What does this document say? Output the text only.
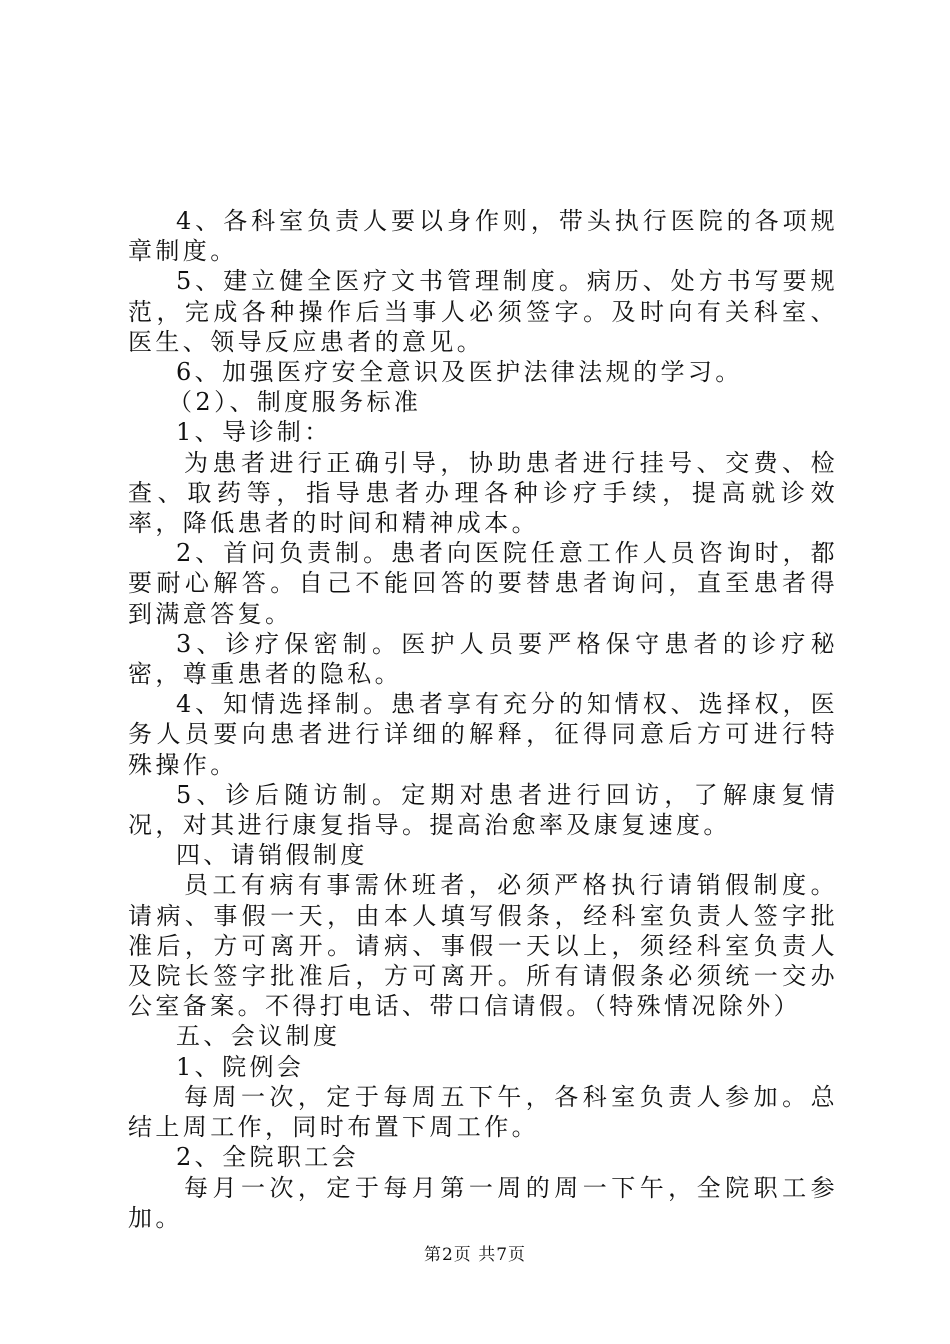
4、各科室负责人要以身作则，带头执行医院的各项规章制度。

5、建立健全医疗文书管理制度。病历、处方书写要规范，完成各种操作后当事人必须签字。及时向有关科室、医生、领导反应患者的意见。

6、加强医疗安全意识及医护法律法规的学习。

（2）、制度服务标准

1、导诊制：

为患者进行正确引导，协助患者进行挂号、交费、检查、取药等，指导患者办理各种诊疗手续，提高就诊效率，降低患者的时间和精神成本。

2、首问负责制。患者向医院任意工作人员咨询时，都要耐心解答。自己不能回答的要替患者询问，直至患者得到满意答复。

3、诊疗保密制。医护人员要严格保守患者的诊疗秘密，尊重患者的隐私。

4、知情选择制。患者享有充分的知情权、选择权，医务人员要向患者进行详细的解释，征得同意后方可进行特殊操作。

5、诊后随访制。定期对患者进行回访，了解康复情况，对其进行康复指导。提高治愈率及康复速度。

四、请销假制度

员工有病有事需休班者，必须严格执行请销假制度。请病、事假一天，由本人填写假条，经科室负责人签字批准后，方可离开。请病、事假一天以上，须经科室负责人及院长签字批准后，方可离开。所有请假条必须统一交办公室备案。不得打电话、带口信请假。（特殊情况除外）

五、会议制度

1、院例会

每周一次，定于每周五下午，各科室负责人参加。总结上周工作，同时布置下周工作。

2、全院职工会

每月一次，定于每月第一周的周一下午，全院职工参加。

第2页 共7页
